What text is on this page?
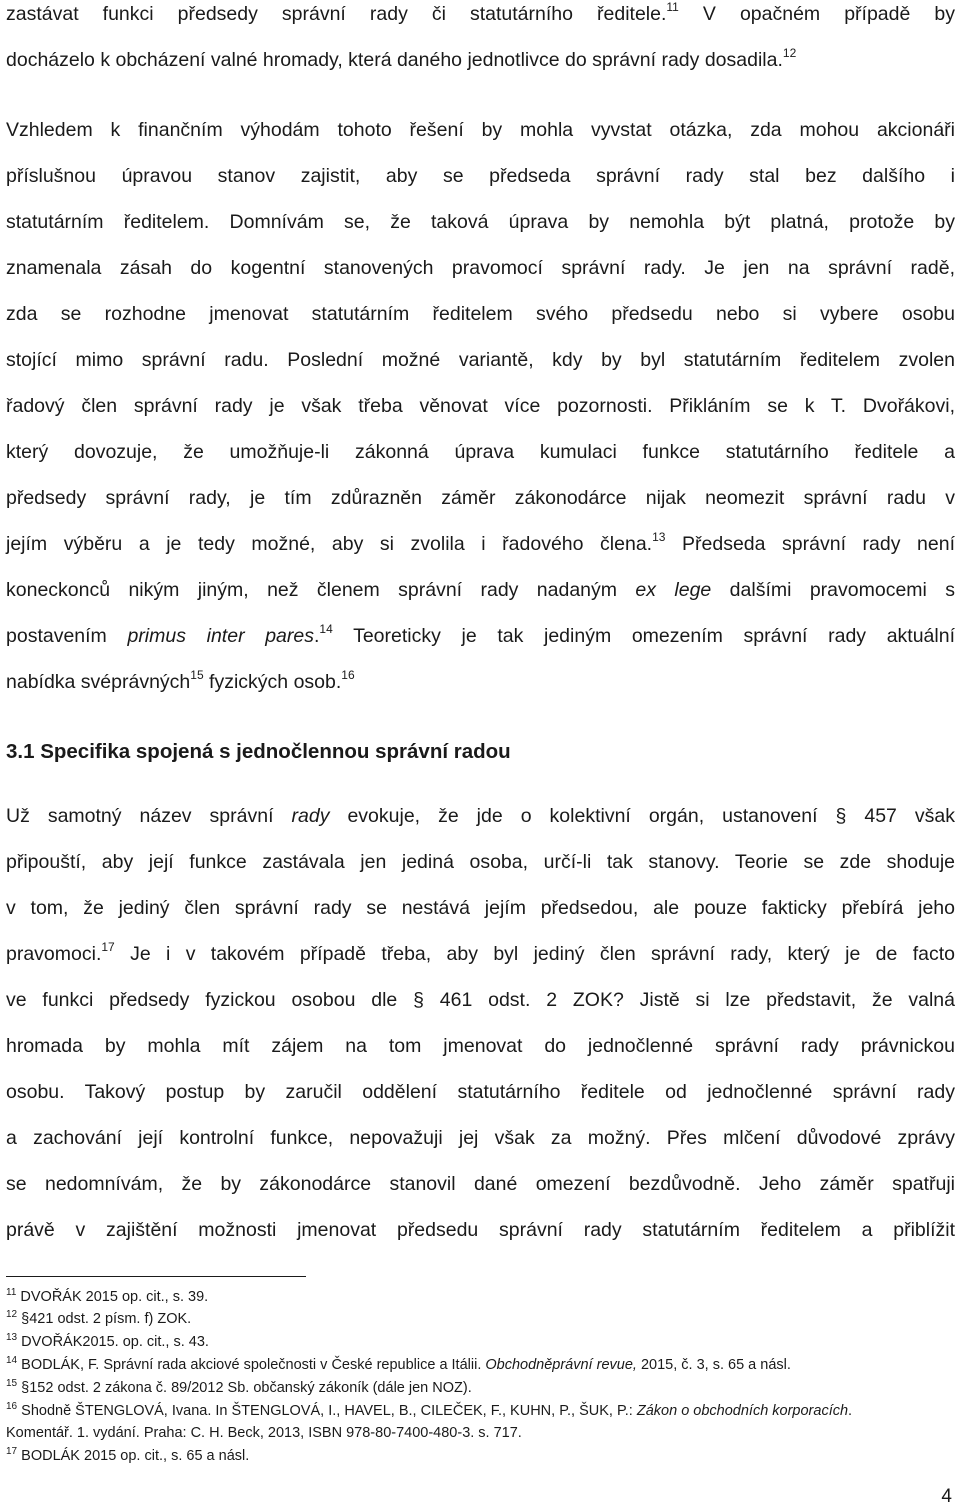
zastávat funkci předsedy správní rady či statutárního ředitele.$^{11}$ V opačném případě by
docházelo k obcházení valné hromady, která daného jednotlivce do správní rady dosadila.$^{12}$
Vzhledem k finančním výhodám tohoto řešení by mohla vyvstat otázka, zda mohou akcionáři
příslušnou úpravou stanov zajistit, aby se předseda správní rady stal bez dalšího i
statutárním ředitelem. Domnívám se, že taková úprava by nemohla být platná, protože by
znamenala zásah do kogentní stanovených pravomocí správní rady. Je jen na správní radě,
zda se rozhodne jmenovat statutárním ředitelem svého předsedu nebo si vybere osobu
stojící mimo správní radu. Poslední možné variantě, kdy by byl statutárním ředitelem zvolen
řadový člen správní rady je však třeba věnovat více pozornosti. Přikláním se k T. Dvořákovi,
který dovozuje, že umožňuje-li zákonná úprava kumulaci funkce statutárního ředitele a
předsedy správní rady, je tím zdůrazněn záměr zákonodárce nijak neomezit správní radu v
jejím výběru a je tedy možné, aby si zvolila i řadového člena.$^{13}$ Předseda správní rady není
koneckonců nikým jiným, než členem správní rady nadaným ex lege dalšími pravomocemi s
postavením primus inter pares.$^{14}$ Teoreticky je tak jediným omezením správní rady aktuální
nabídka svéprávných$^{15}$ fyzických osob.$^{16}$
3.1 Specifika spojená s jednočlennou správní radou
Už samotný název správní rady evokuje, že jde o kolektivní orgán, ustanovení § 457 však
připouští, aby její funkce zastávala jen jediná osoba, určí-li tak stanovy. Teorie se zde shoduje
v tom, že jediný člen správní rady se nestává jejím předsedou, ale pouze fakticky přebírá jeho
pravomoci.$^{17}$ Je i v takovém případě třeba, aby byl jediný člen správní rady, který je de facto
ve funkci předsedy fyzickou osobou dle § 461 odst. 2 ZOK? Jistě si lze představit, že valná
hromada by mohla mít zájem na tom jmenovat do jednočlenné správní rady právnickou
osobu. Takový postup by zaručil oddělení statutárního ředitele od jednočlenné správní rady
a zachování její kontrolní funkce, nepovažuji jej však za možný. Přes mlčení důvodové zprávy
se nedomnívám, že by zákonodárce stanovil dané omezení bezdůvodně. Jeho záměr spatřuji
právě v zajištění možnosti jmenovat předsedu správní rady statutárním ředitelem a přiblížit
$^{11}$ DVOŘÁK 2015 op. cit., s. 39.
$^{12}$ §421 odst. 2 písm. f) ZOK.
$^{13}$ DVOŘÁK2015. op. cit., s. 43.
$^{14}$ BODLÁK, F. Správní rada akciové společnosti v České republice a Itálii. Obchodněprávní revue, 2015, č. 3, s. 65 a násl.
$^{15}$ §152 odst. 2 zákona č. 89/2012 Sb. občanský zákoník (dále jen NOZ).
$^{16}$ Shodně ŠTENGLOVÁ, Ivana. In ŠTENGLOVÁ, I., HAVEL, B., CILEČEK, F., KUHN, P., ŠUK, P.: Zákon o obchodních korporacích.
Komentář. 1. vydání. Praha: C. H. Beck, 2013, ISBN 978-80-7400-480-3. s. 717.
$^{17}$ BODLÁK 2015 op. cit., s. 65 a násl.
4
